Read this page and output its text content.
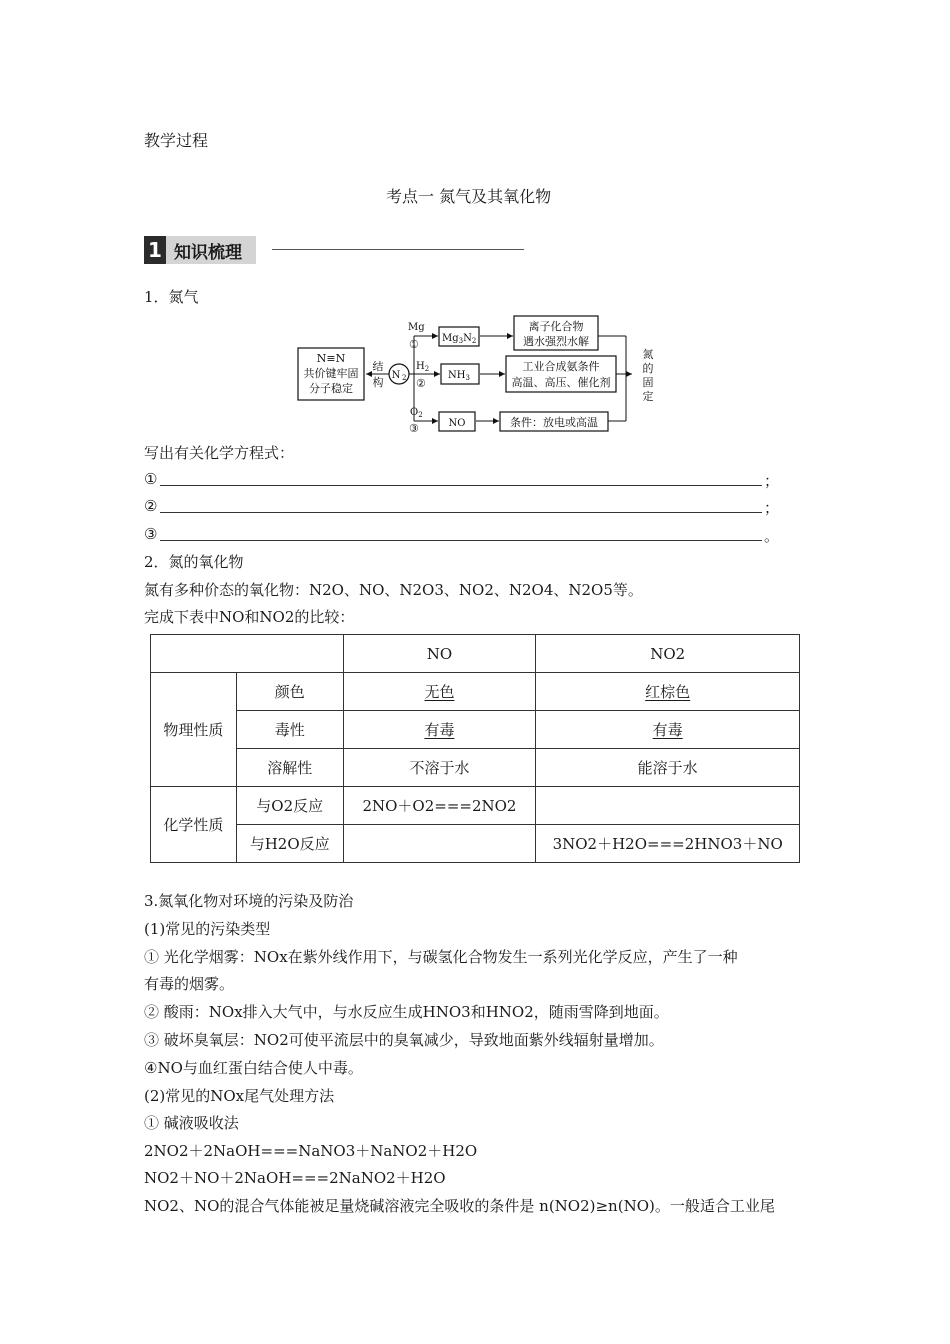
教学过程
考点一 氮气及其氧化物
1 知识梳理
1．氮气
N≡N
共价键牢固
分子稳定
结
构
N 2
Mg
① $Mg_3N_2$
离子化合物
遇水强烈水解
$H_2$
②
$NH_3$
工业合成氨条件
高温、高压、催化剂
$O_2$
③	NO	条件：放电或高温
氮
的
固
定
写出有关化学方程式：
①	；
②	；
③	。
2．氮的氧化物
氮有多种价态的氧化物：N2O、NO、N2O3、NO2、N2O4、N2O5等。
完成下表中NO和NO2的比较：
		NO	NO2
物理性质	颜色	无色	红棕色
	毒性	有毒	有毒
	溶解性	不溶于水	能溶于水
化学性质	与O2反应	2NO＋O2===2NO2	
	与H2O反应		3NO2＋H2O===2HNO3＋NO
3.氮氧化物对环境的污染及防治
(1)常见的污染类型
① 光化学烟雾：NOx在紫外线作用下，与碳氢化合物发生一系列光化学反应，产生了一种
有毒的烟雾。
② 酸雨：NOx排入大气中，与水反应生成HNO3和HNO2，随雨雪降到地面。
③ 破坏臭氧层：NO2可使平流层中的臭氧减少，导致地面紫外线辐射量增加。
④NO与血红蛋白结合使人中毒。
(2)常见的NOx尾气处理方法
① 碱液吸收法
2NO2＋2NaOH===NaNO3＋NaNO2＋H2O
NO2＋NO＋2NaOH===2NaNO2＋H2O
NO2、NO的混合气体能被足量烧碱溶液完全吸收的条件是 n(NO2)≥n(NO)。一般适合工业尾
